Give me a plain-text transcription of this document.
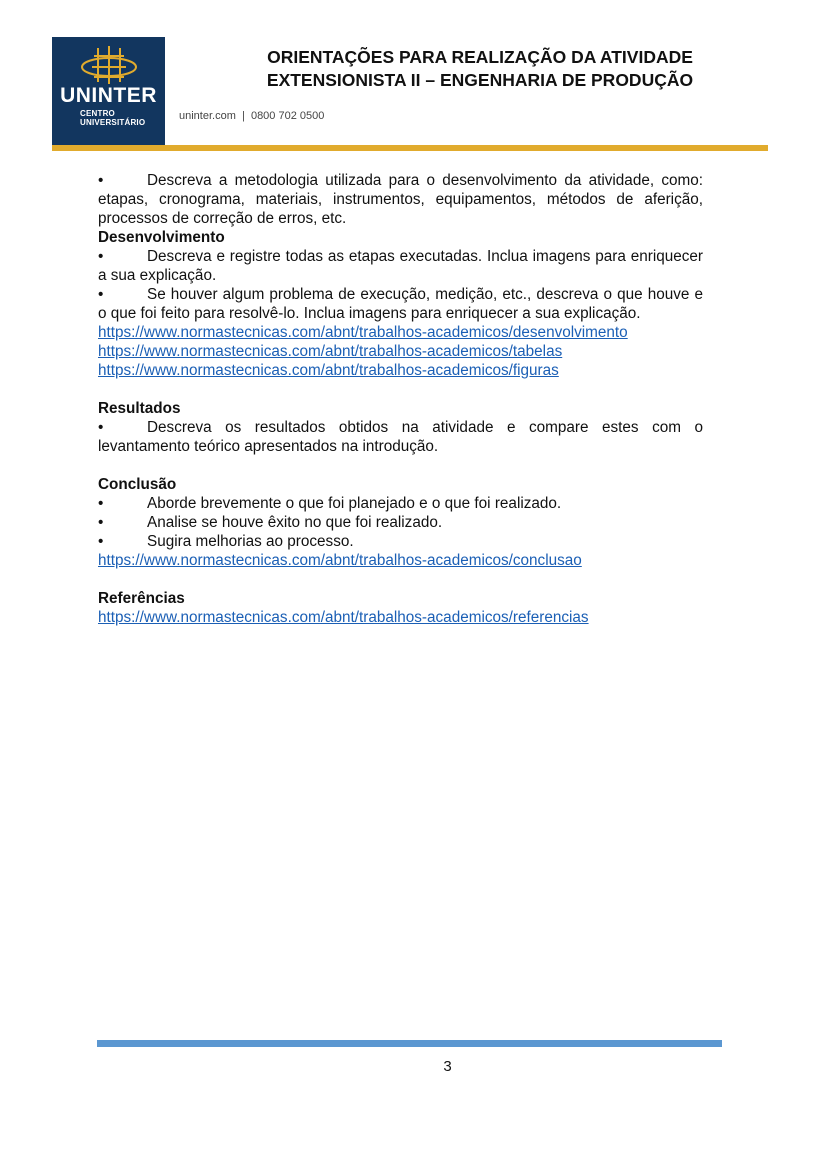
UNINTER
CENTRO
UNIVERSITÁRIO
uninter.com  |  0800 702 0500
ORIENTAÇÕES PARA REALIZAÇÃO DA ATIVIDADE
EXTENSIONISTA II – ENGENHARIA DE PRODUÇÃO

•	Descreva a metodologia utilizada para o desenvolvimento da atividade, como: etapas, cronograma, materiais, instrumentos, equipamentos, métodos de aferição, processos de correção de erros, etc.

Desenvolvimento

•	Descreva e registre todas as etapas executadas. Inclua imagens para enriquecer a sua explicação.

•	Se houver algum problema de execução, medição, etc., descreva o que houve e o que foi feito para resolvê-lo. Inclua imagens para enriquecer a sua explicação.

https://www.normastecnicas.com/abnt/trabalhos-academicos/desenvolvimento
https://www.normastecnicas.com/abnt/trabalhos-academicos/tabelas
https://www.normastecnicas.com/abnt/trabalhos-academicos/figuras

Resultados

•	Descreva os resultados obtidos na atividade e compare estes com o levantamento teórico apresentados na introdução.

Conclusão

•	Aborde brevemente o que foi planejado e o que foi realizado.

•	Analise se houve êxito no que foi realizado.

•	Sugira melhorias ao processo.

https://www.normastecnicas.com/abnt/trabalhos-academicos/conclusao

Referências

https://www.normastecnicas.com/abnt/trabalhos-academicos/referencias
3
